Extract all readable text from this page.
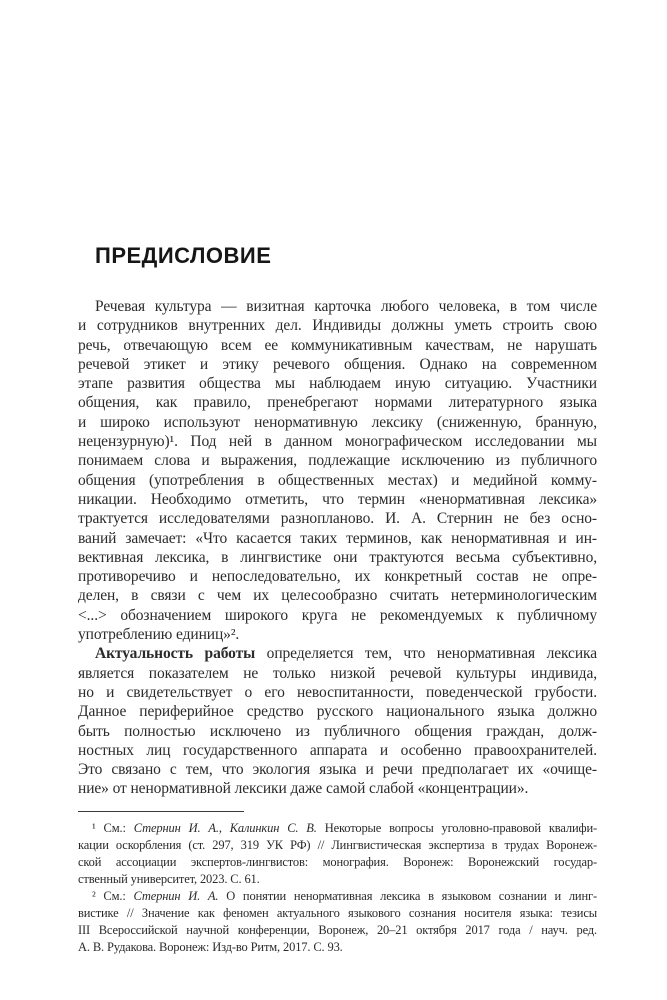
ПРЕДИСЛОВИЕ

Речевая культура — визитная карточка любого человека, в том числе
и сотрудников внутренних дел. Индивиды должны уметь строить свою
речь, отвечающую всем ее коммуникативным качествам, не нарушать
речевой этикет и этику речевого общения. Однако на современном
этапе развития общества мы наблюдаем иную ситуацию. Участники
общения, как правило, пренебрегают нормами литературного языка
и широко используют ненормативную лексику (сниженную, бранную,
нецензурную)¹. Под ней в данном монографическом исследовании мы
понимаем слова и выражения, подлежащие исключению из публичного
общения (употребления в общественных местах) и медийной комму-
никации. Необходимо отметить, что термин «ненормативная лексика»
трактуется исследователями разнопланово. И. А. Стернин не без осно-
ваний замечает: «Что касается таких терминов, как ненормативная и ин-
вективная лексика, в лингвистике они трактуются весьма субъективно,
противоречиво и непоследовательно, их конкретный состав не опре-
делен, в связи с чем их целесообразно считать нетерминологическим
<...> обозначением широкого круга не рекомендуемых к публичному
употреблению единиц»².

Актуальность работы определяется тем, что ненормативная лексика
является показателем не только низкой речевой культуры индивида,
но и свидетельствует о его невоспитанности, поведенческой грубости.
Данное периферийное средство русского национального языка должно
быть полностью исключено из публичного общения граждан, долж-
ностных лиц государственного аппарата и особенно правоохранителей.
Это связано с тем, что экология языка и речи предполагает их «очище-
ние» от ненормативной лексики даже самой слабой «концентрации».

¹ См.: Стернин И. А., Калинкин С. В. Некоторые вопросы уголовно-правовой квалифи-
кации оскорбления (ст. 297, 319 УК РФ) // Лингвистическая экспертиза в трудах Воронеж-
ской ассоциации экспертов-лингвистов: монография. Воронеж: Воронежский государ-
ственный университет, 2023. С. 61.

² См.: Стернин И. А. О понятии ненормативная лексика в языковом сознании и линг-
вистике // Значение как феномен актуального языкового сознания носителя языка: тезисы
III Всероссийской научной конференции, Воронеж, 20–21 октября 2017 года / науч. ред.
А. В. Рудакова. Воронеж: Изд-во Ритм, 2017. С. 93.
